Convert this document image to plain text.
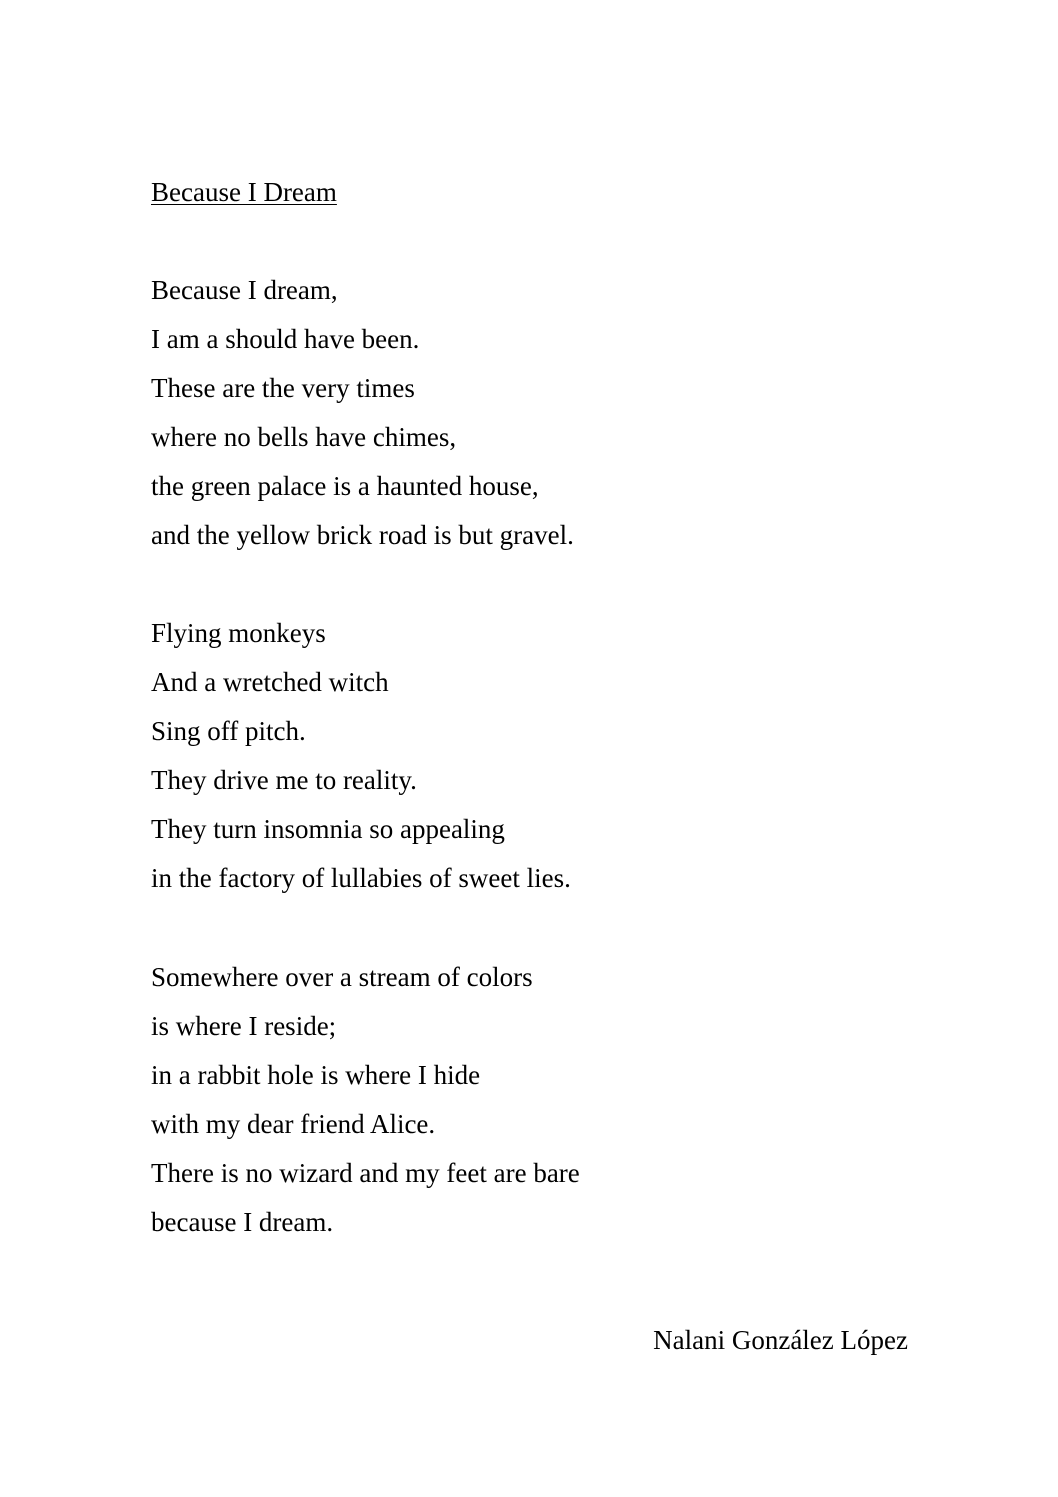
Because I Dream
Because I dream,
I am a should have been.
These are the very times
where no bells have chimes,
the green palace is a haunted house,
and the yellow brick road is but gravel.
Flying monkeys
And a wretched witch
Sing off pitch.
They drive me to reality.
They turn insomnia so appealing
in the factory of lullabies of sweet lies.
Somewhere over a stream of colors
is where I reside;
in a rabbit hole is where I hide
with my dear friend Alice.
There is no wizard and my feet are bare
because I dream.
Nalani González López
